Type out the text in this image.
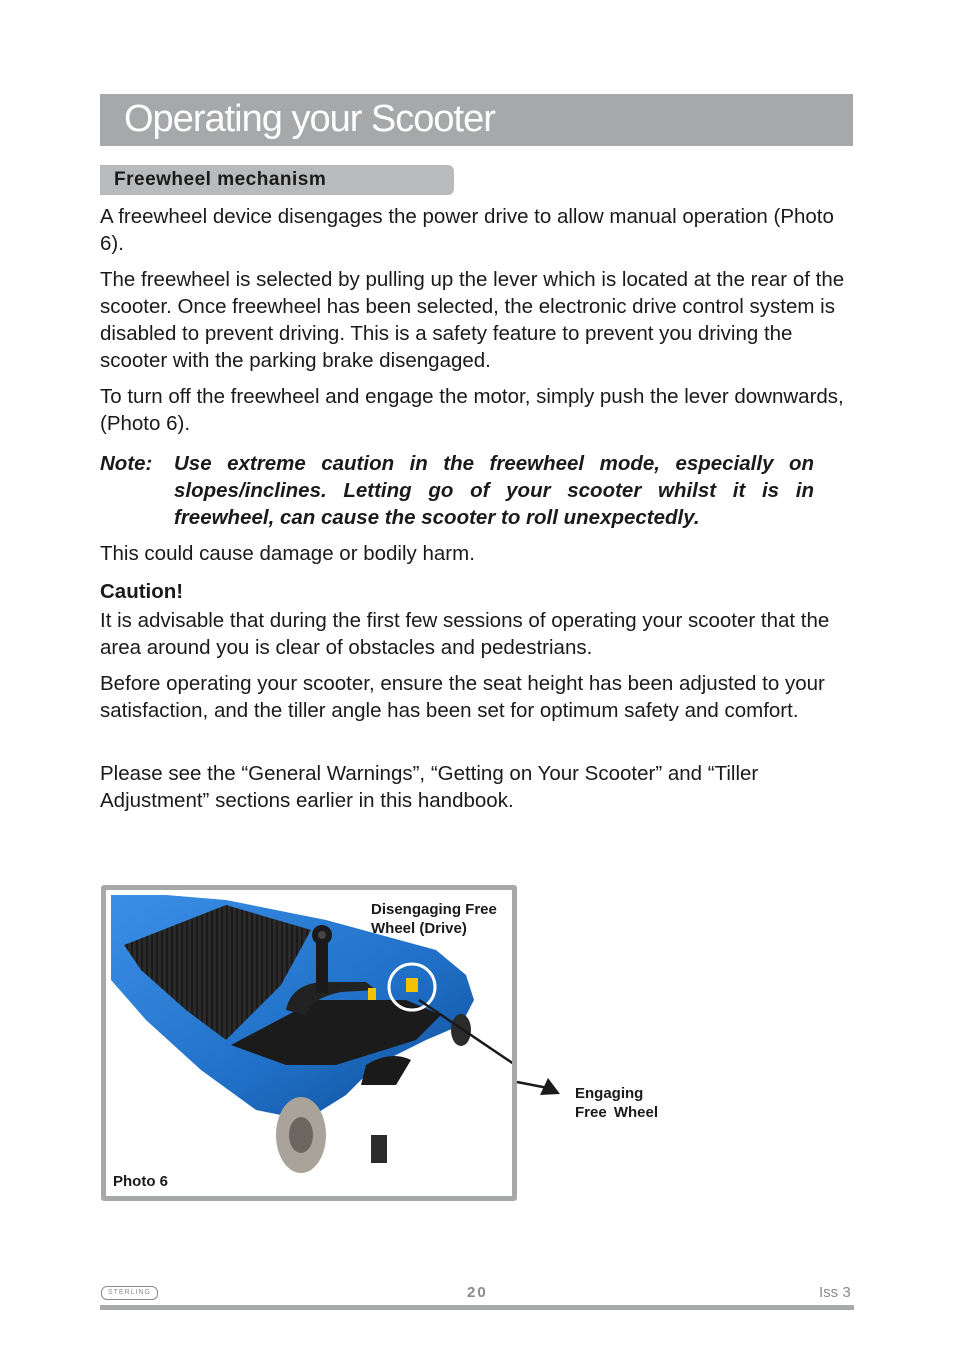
Operating your Scooter
Freewheel mechanism

A freewheel device disengages the power drive to allow manual operation (Photo 6).

The freewheel is selected by pulling up the lever which is located at the rear of the scooter. Once freewheel has been selected, the electronic drive control system is disabled to prevent driving. This is a safety feature to prevent you driving the scooter with the parking brake disengaged.

To turn off the freewheel and engage the motor, simply push the lever downwards,(Photo 6).

Note: Use extreme caution in the freewheel mode, especially on slopes/inclines. Letting go of your scooter whilst it is in freewheel, can cause the scooter to roll unexpectedly.

This could cause damage or bodily harm.

Caution!

It is advisable that during the first few sessions of operating your scooter that the area around you is clear of obstacles and pedestrians.

Before operating your scooter, ensure the seat height has been adjusted to your satisfaction, and the tiller angle has been set for optimum safety and comfort.

Please see the “General Warnings”, “Getting on Your Scooter” and “Tiller Adjustment” sections earlier in this handbook.

Disengaging Free
Wheel (Drive)
Photo 6
Engaging
Free Wheel
STERLING	20	Iss 3
